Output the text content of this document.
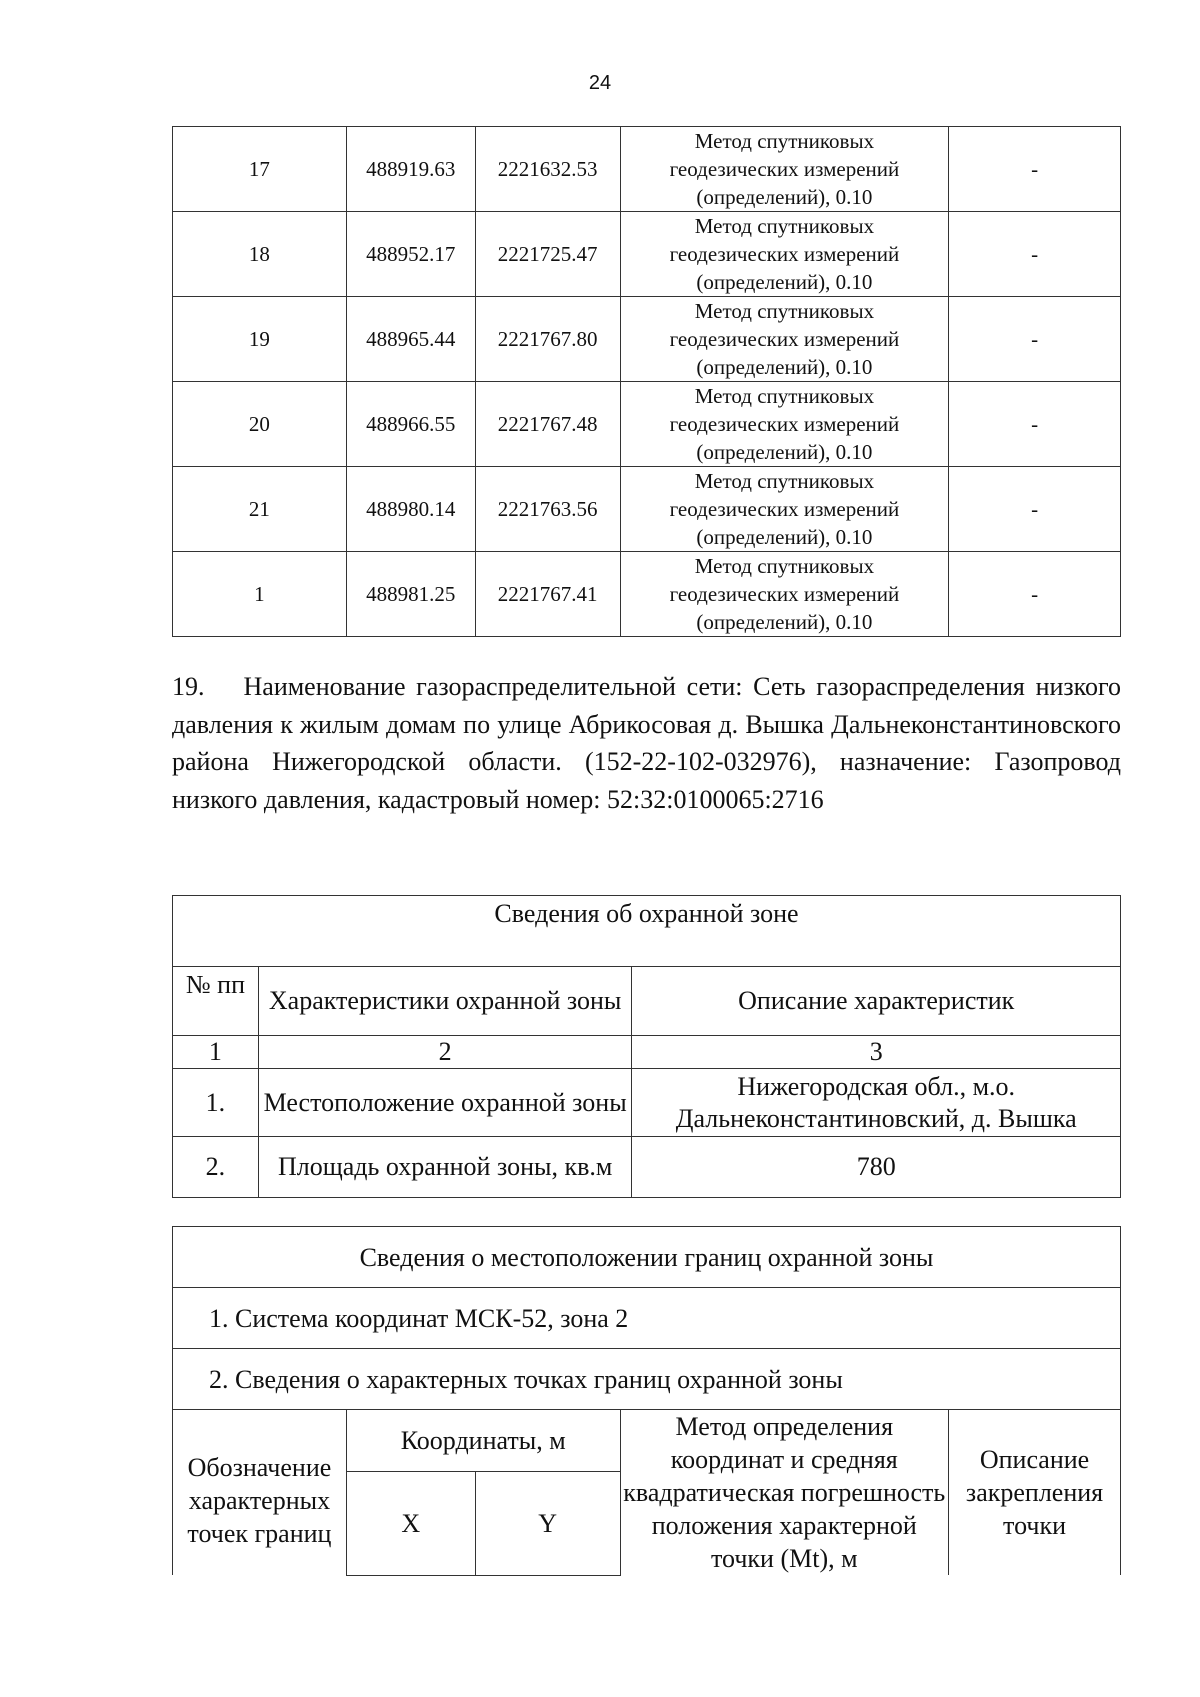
24
17	488919.63	2221632.53	Метод спутниковых
геодезических измерений
(определений), 0.10	-
18	488952.17	2221725.47	Метод спутниковых
геодезических измерений
(определений), 0.10	-
19	488965.44	2221767.80	Метод спутниковых
геодезических измерений
(определений), 0.10	-
20	488966.55	2221767.48	Метод спутниковых
геодезических измерений
(определений), 0.10	-
21	488980.14	2221763.56	Метод спутниковых
геодезических измерений
(определений), 0.10	-
1	488981.25	2221767.41	Метод спутниковых
геодезических измерений
(определений), 0.10	-

19.  Наименование газораспределительной сети: Сеть газораспределения низкого давления к жилым домам по улице Абрикосовая д. Вышка Дальнеконстантиновского района Нижегородской области. (152-22-102-032976), назначение: Газопровод низкого давления, кадастровый номер: 52:32:0100065:2716

Сведения об охранной зоне		
№ пп	Характеристики охранной зоны	Описание характеристик
1	2	3
1.	Местоположение охранной зоны	Нижегородская обл., м.о. Дальнеконстантиновский, д. Вышка
2.	Площадь охранной зоны, кв.м	780
Сведения о местоположении границ охранной зоны				
1. Система координат МСК-52, зона 2				
2. Сведения о характерных точках границ охранной зоны				
Обозначение характерных точек границ	Координаты, м		Метод определения координат и средняя квадратическая погрешность положения характерной точки (Mt), м	Описание закрепления точки
	X	Y		
